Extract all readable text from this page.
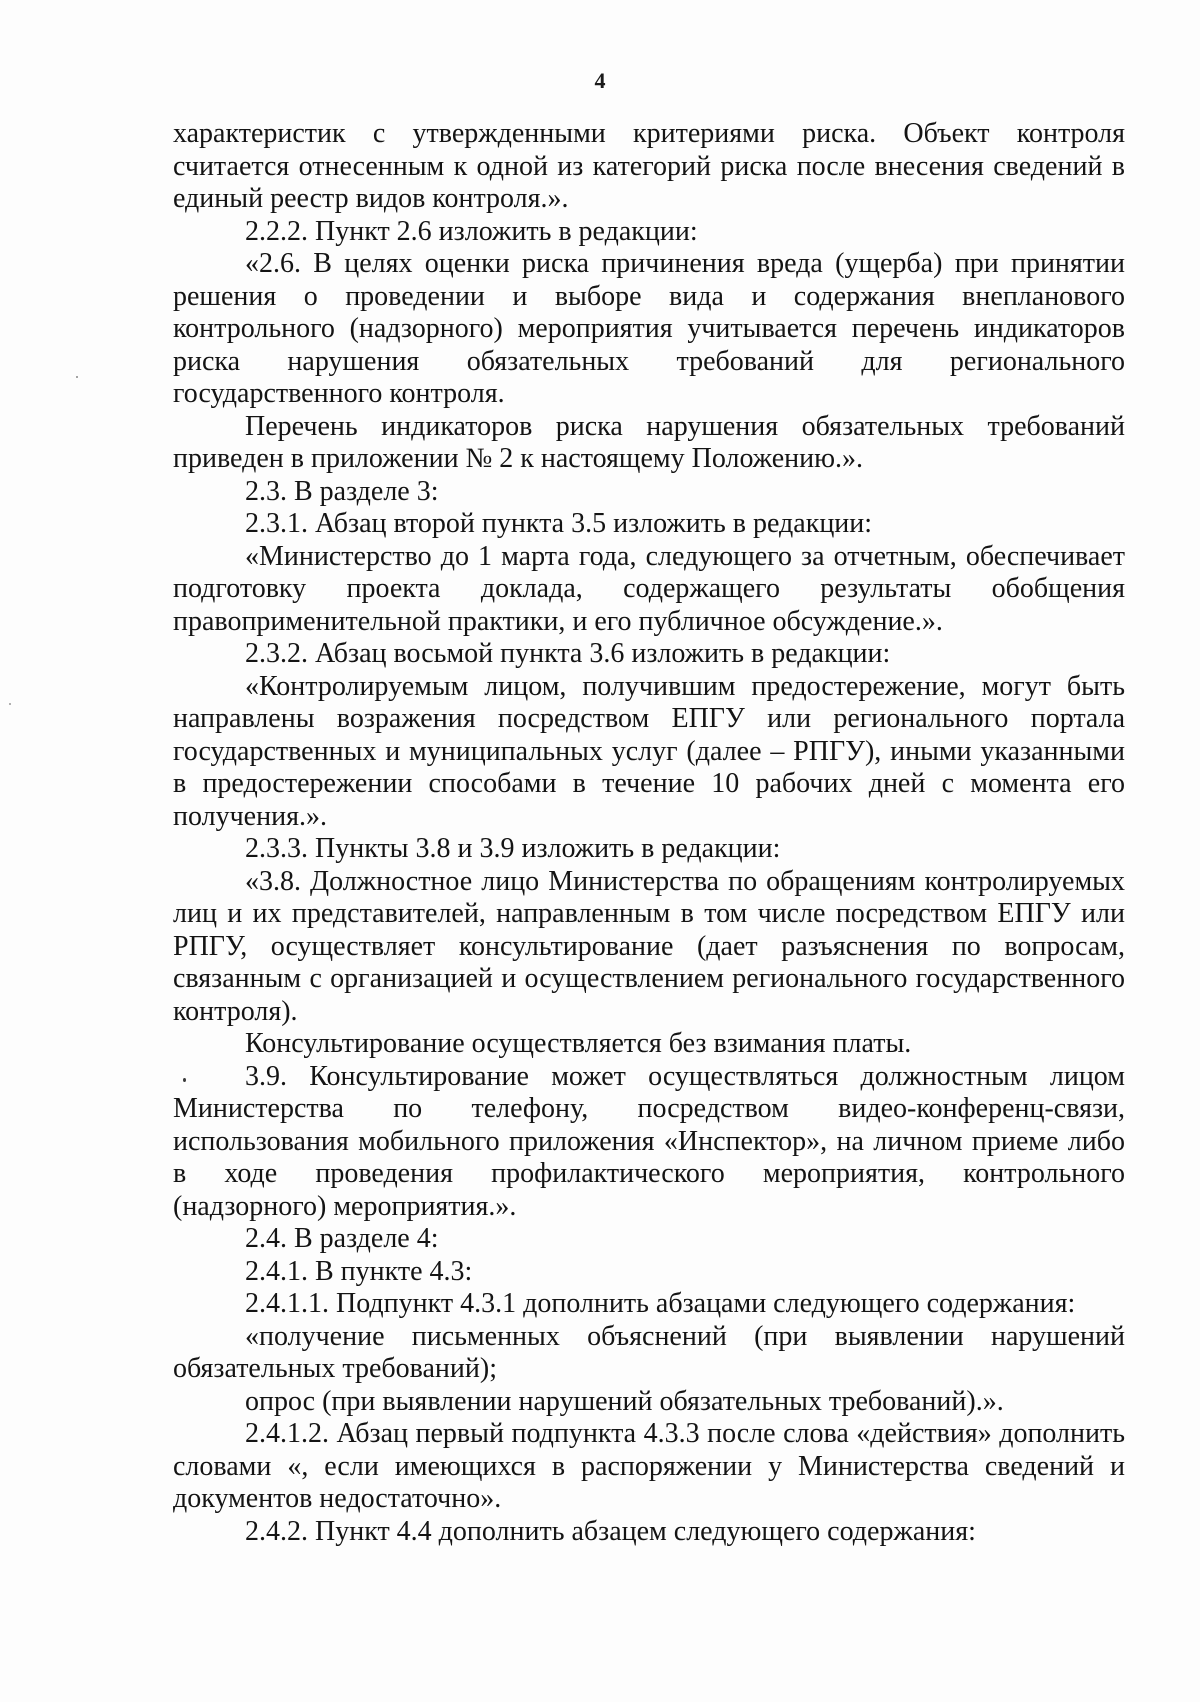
4

характеристик с утвержденными критериями риска. Объект контроля считается отнесенным к одной из категорий риска после внесения сведений в единый реестр видов контроля.».

2.2.2. Пункт 2.6 изложить в редакции:

«2.6. В целях оценки риска причинения вреда (ущерба) при принятии решения о проведении и выборе вида и содержания внепланового контрольного (надзорного) мероприятия учитывается перечень индикаторов риска нарушения обязательных требований для регионального государственного контроля.

Перечень индикаторов риска нарушения обязательных требований приведен в приложении № 2 к настоящему Положению.».

2.3. В разделе 3:

2.3.1. Абзац второй пункта 3.5 изложить в редакции:

«Министерство до 1 марта года, следующего за отчетным, обеспечивает подготовку проекта доклада, содержащего результаты обобщения правоприменительной практики, и его публичное обсуждение.».

2.3.2. Абзац восьмой пункта 3.6 изложить в редакции:

«Контролируемым лицом, получившим предостережение, могут быть направлены возражения посредством ЕПГУ или регионального портала государственных и муниципальных услуг (далее – РПГУ), иными указанными в предостережении способами в течение 10 рабочих дней с момента его получения.».

2.3.3. Пункты 3.8 и 3.9 изложить в редакции:

«3.8. Должностное лицо Министерства по обращениям контролируемых лиц и их представителей, направленным в том числе посредством ЕПГУ или РПГУ, осуществляет консультирование (дает разъяснения по вопросам, связанным с организацией и осуществлением регионального государственного контроля).

Консультирование осуществляется без взимания платы.

3.9. Консультирование может осуществляться должностным лицом Министерства по телефону, посредством видео-конференц-связи, использования мобильного приложения «Инспектор», на личном приеме либо в ходе проведения профилактического мероприятия, контрольного (надзорного) мероприятия.».

2.4. В разделе 4:

2.4.1. В пункте 4.3:

2.4.1.1. Подпункт 4.3.1 дополнить абзацами следующего содержания:

«получение письменных объяснений (при выявлении нарушений обязательных требований);

опрос (при выявлении нарушений обязательных требований).».

2.4.1.2. Абзац первый подпункта 4.3.3 после слова «действия» дополнить словами «, если имеющихся в распоряжении у Министерства сведений и документов недостаточно».

2.4.2. Пункт 4.4 дополнить абзацем следующего содержания:
